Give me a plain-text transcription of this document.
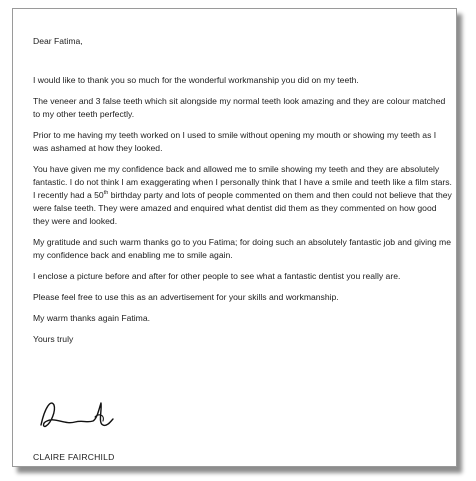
Dear Fatima,

I would like to thank you so much for the wonderful workmanship you did on my teeth.

The veneer and 3 false teeth which sit alongside my normal teeth look amazing and they are colour matched to my other teeth perfectly.

Prior to me having my teeth worked on I used to smile without opening my mouth or showing my teeth as I was ashamed at how they looked.

You have given me my confidence back and allowed me to smile showing my teeth and they are absolutely fantastic. I do not think I am exaggerating when I personally think that I have a smile and teeth like a film stars.

I recently had a 50th birthday party and lots of people commented on them and then could not believe that they were false teeth. They were amazed and enquired what dentist did them as they commented on how good they were and looked.

My gratitude and such warm thanks go to you Fatima; for doing such an absolutely fantastic job and giving me my confidence back and enabling me to smile again.

I enclose a picture before and after for other people to see what a fantastic dentist you really are.

Please feel free to use this as an advertisement for your skills and workmanship.

My warm thanks again Fatima.

Yours truly

CLAIRE FAIRCHILD
